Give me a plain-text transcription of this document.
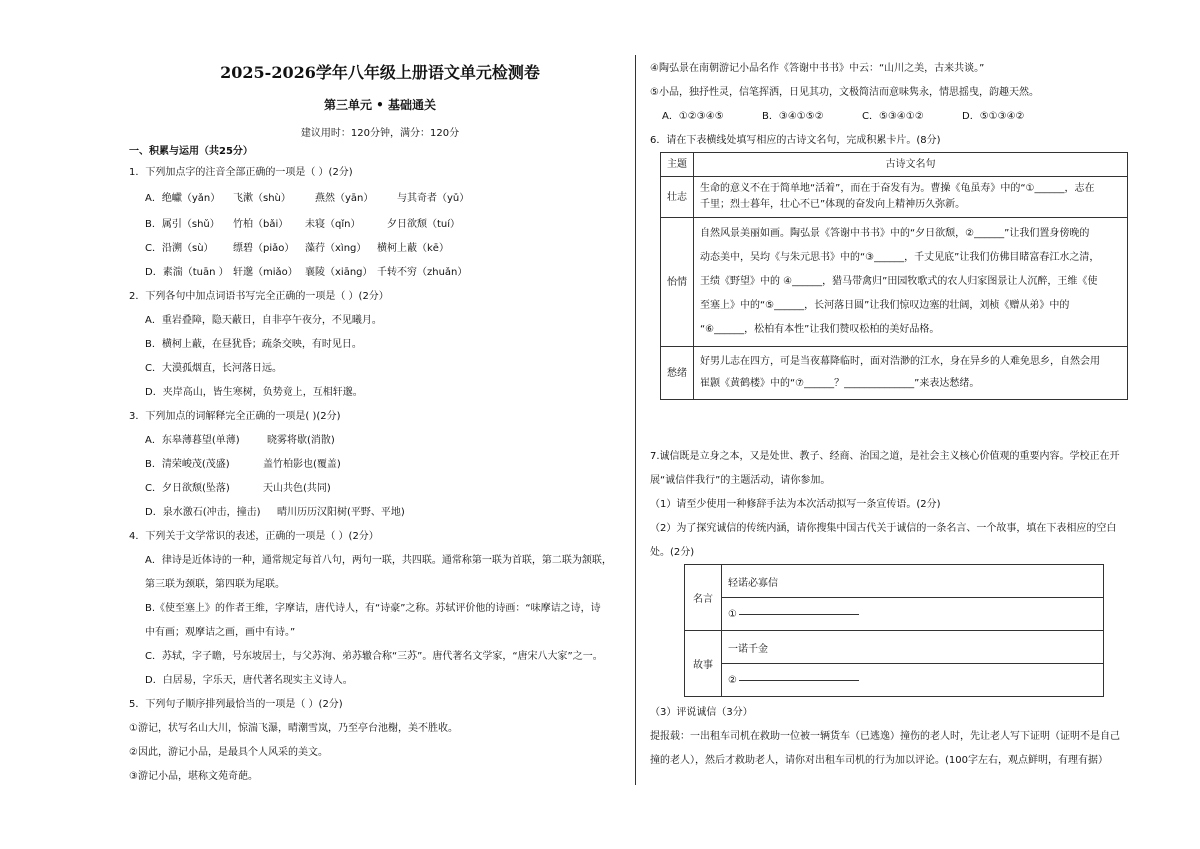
2025-2026学年八年级上册语文单元检测卷
第三单元 • 基础通关
建议用时：120分钟，满分：120分
一、积累与运用（共25分）
1．下列加点字的注音全部正确的一项是（ ）(2分)
A．绝巘（yǎn） 飞漱（shù） 燕然（yān） 与其奇者（yǔ）
B．属引（shǔ） 竹柏（bǎi） 未寝（qǐn）	夕日欲颓（tuí）
C．沿溯（sù） 缥碧（piǎo） 藻荇（xìng） 横柯上蔽（kē）
D．素湍（tuān ） 轩邈（miǎo） 襄陵（xiāng） 千转不穷（zhuǎn）
2．下列各句中加点词语书写完全正确的一项是（ ）(2分）
A．重岩叠障，隐天蔽日，自非亭午夜分，不见曦月。
B．横柯上蔽，在昼犹昏；疏条交映，有时见日。
C．大漠孤烟直，长河落日远。
D．夹岸高山，皆生寒树，负势竟上，互相轩邈。
3．下列加点的词解释完全正确的一项是( )(2分)
A．东皋薄暮望(单薄)	晓雾将歇(消散)
B．清荣峻茂(茂盛)	盖竹柏影也(覆盖)
C．夕日欲颓(坠落)	天山共色(共同)
D．泉水激石(冲击，撞击) 晴川历历汉阳树(平野、平地)
4．下列关于文学常识的表述，正确的一项是（ ）(2分）
A．律诗是近体诗的一种，通常规定每首八句，两句一联，共四联。通常称第一联为首联，第二联为颔联，
第三联为颈联，第四联为尾联。
B.《使至塞上》的作者王维，字摩诘，唐代诗人，有“诗豪”之称。苏轼评价他的诗画：“味摩诘之诗，诗
中有画；观摩诘之画，画中有诗。”
C．苏轼，字子瞻，号东坡居士，与父苏洵、弟苏辙合称“三苏”。唐代著名文学家，“唐宋八大家”之一。
D．白居易，字乐天，唐代著名现实主义诗人。
5．下列句子顺序排列最恰当的一项是（ ）(2分)
①游记，状写名山大川，惊湍飞瀑，晴潮雪岚，乃至亭台池榭，美不胜收。
②因此，游记小品，是最具个人风采的美文。
③游记小品，堪称文苑奇葩。
④陶弘景在南朝游记小品名作《答谢中书书》中云：“山川之美，古来共谈。”
⑤小品，独抒性灵，信笔挥洒，日见其功，文极简洁而意味隽永，情思摇曳，韵趣天然。
A．①②③④⑤	B．③④①⑤②	C．⑤③④①②	D．⑤①③④②
6．请在下表横线处填写相应的古诗文名句，完成积累卡片。(8分)
主题	古诗文名句
壮志	生命的意义不在于简单地“活着”，而在于奋发有为。曹操《龟虽寿》中的“①______，志在
千里；烈士暮年，壮心不已”体现的奋发向上精神历久弥新。

怡情	自然风景美丽如画。陶弘景《答谢中书书》中的“夕日欲颓，②______”让我们置身傍晚的
动态美中，吴均《与朱元思书》中的“③______，千丈见底”让我们仿佛目睹富春江水之清，
王绩《野望》中的 ④______，猎马带禽归”田园牧歌式的农人归家图景让人沉醉，王维《使
至塞上》中的“⑤______，长河落日圆”让我们惊叹边塞的壮阔，刘桢《赠从弟》中的
“⑥______，松柏有本性”让我们赞叹松柏的美好品格。

愁绪	好男儿志在四方，可是当夜幕降临时，面对浩渺的江水，身在异乡的人难免思乡，自然会用
崔颢《黄鹤楼》中的“⑦______？______________”来表达愁绪。
7.诚信既是立身之本，又是处世、教子、经商、治国之道，是社会主义核心价值观的重要内容。学校正在开
展“诚信伴我行”的主题活动，请你参加。
（1）请至少使用一种修辞手法为本次活动拟写一条宣传语。(2分)
（2）为了探究诚信的传统内涵，请你搜集中国古代关于诚信的一条名言、一个故事，填在下表相应的空白
处。(2分)
名言	轻诺必寡信
	①
故事	一诺千金
	②
（3）评说诚信（3分）
提报载：一出租车司机在救助一位被一辆货车（已逃逸）撞伤的老人时，先让老人写下证明（证明不是自己
撞的老人），然后才救助老人，请你对出租车司机的行为加以评论。(100字左右，观点鲜明，有理有据）
